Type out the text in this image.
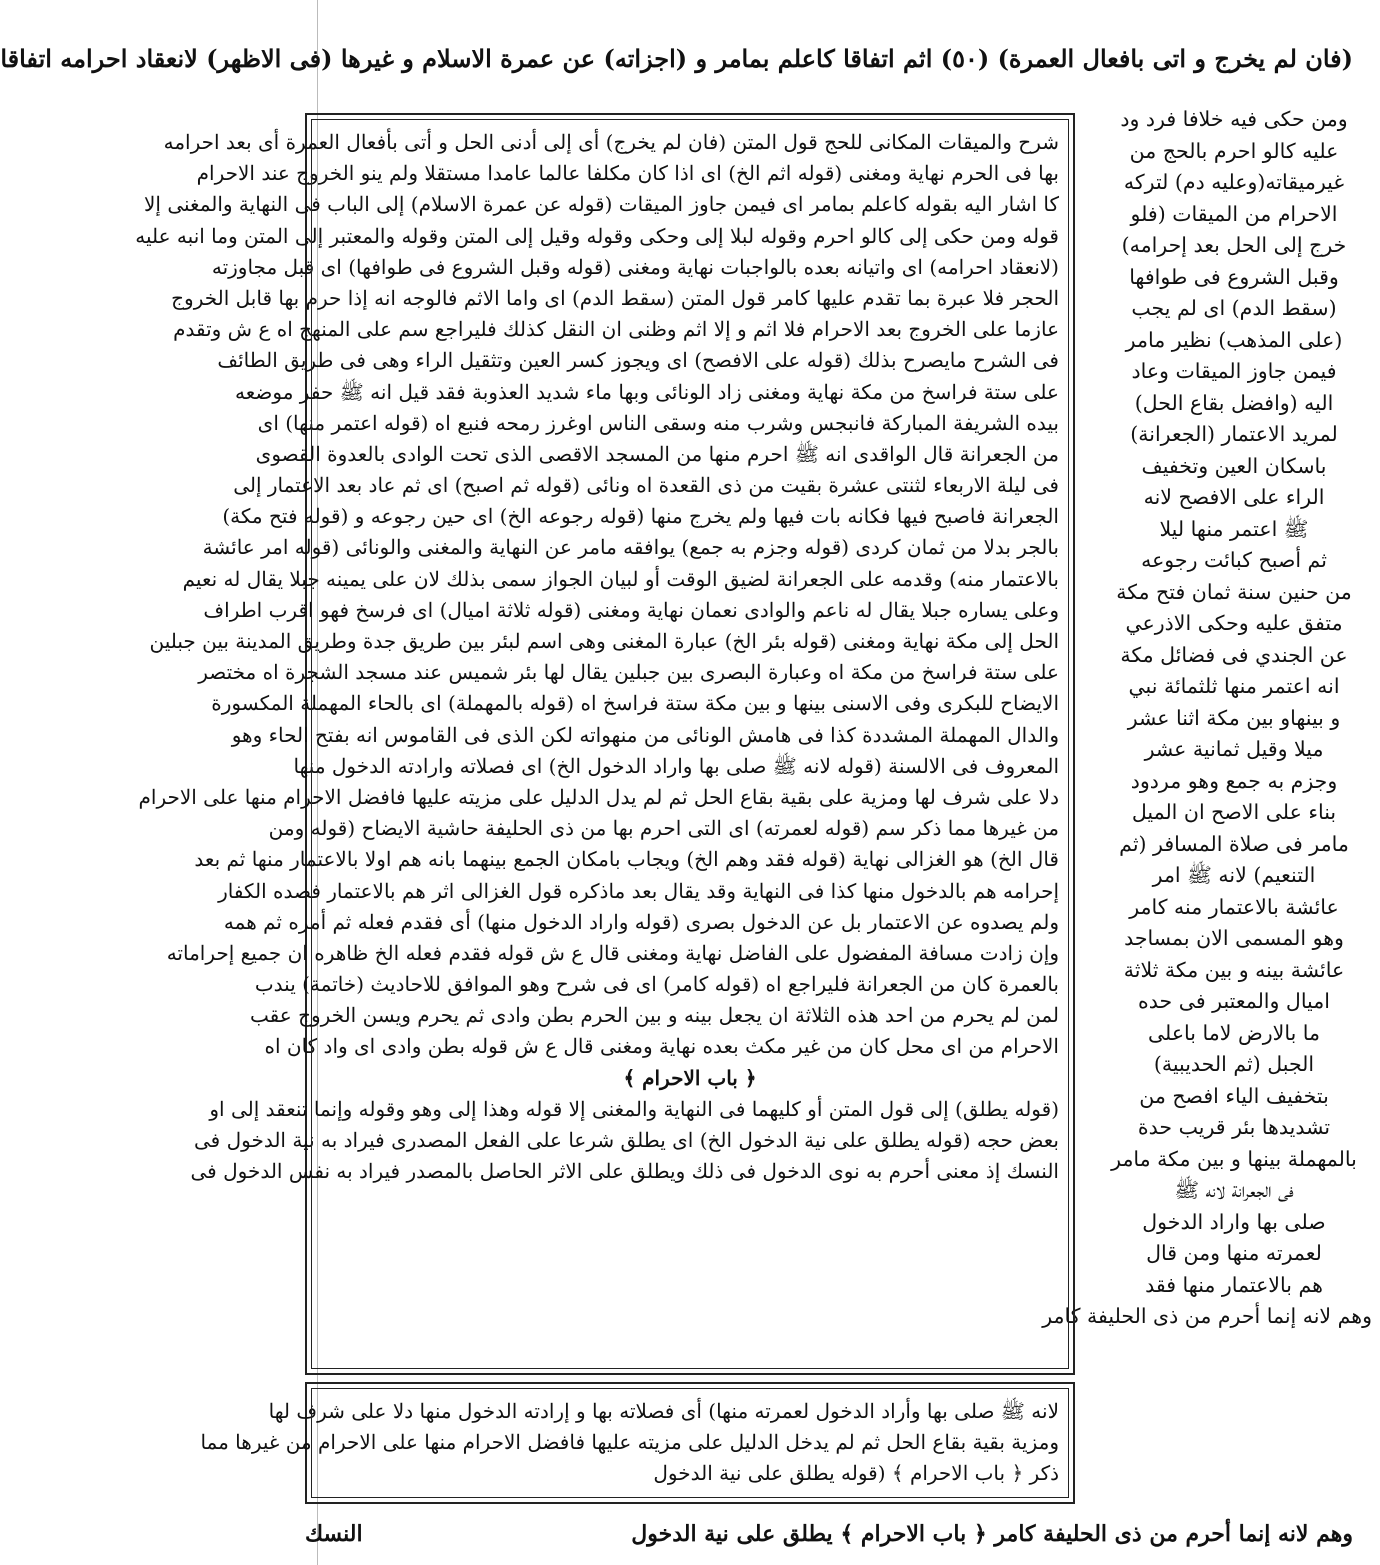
(فان لم يخرج و اتى بافعال العمرة) (٥٠) اثم اتفاقا كاعلم بمامر و (اجزاته) عن عمرة الاسلام و غيرها (فى الاظهر) لانعقاد احرامه اتفاقا
ومن حكى فيه خلافا فرد ود
عليه كالو احرم بالحج من
غيرميقاته(وعليه دم) لتركه
الاحرام من الميقات (فلو
خرج إلى الحل بعد إحرامه)
وقبل الشروع فى طوافها
(سقط الدم) اى لم يجب
(على المذهب) نظير مامر
فيمن جاوز الميقات وعاد
اليه (وافضل بقاع الحل)
لمريد الاعتمار (الجعرانة)
باسكان العين وتخفيف
الراء على الافصح لانه
ﷺ اعتمر منها ليلا
ثم أصبح كبائت رجوعه
من حنين سنة ثمان فتح مكة
متفق عليه وحكى الاذرعي
عن الجندي فى فضائل مكة
انه اعتمر منها ثلثمائة نبي
و بينهاو بين مكة اثنا عشر
ميلا وقيل ثمانية عشر
وجزم به جمع وهو مردود
بناء على الاصح ان الميل
مامر فى صلاة المسافر (ثم
التنعيم) لانه ﷺ امر
عائشة بالاعتمار منه كامر
وهو المسمى الان بمساجد
عائشة بينه و بين مكة ثلاثة
اميال والمعتبر فى حده
ما بالارض لاما باعلى
الجبل (ثم الحديبية)
بتخفيف الياء افصح من
تشديدها بئر قريب حدة
بالمهملة بينها و بين مكة مامر
فى الجعرانة لانه ﷺ
صلى بها واراد الدخول
لعمرته منها ومن قال
هم بالاعتمار منها فقد
وهم لانه إنما أحرم من ذى الحليفة كامر
شرح والميقات المكانى للحج قول المتن (فان لم يخرج) أى إلى أدنى الحل و أتى بأفعال العمرة أى بعد احرامه
بها فى الحرم نهاية ومغنى (قوله اثم الخ) اى اذا كان مكلفا عالما عامدا مستقلا ولم ينو الخروج عند الاحرام
كا اشار اليه بقوله كاعلم بمامر اى فيمن جاوز الميقات (قوله عن عمرة الاسلام) إلى الباب فى النهاية والمغنى إلا
قوله ومن حكى إلى كالو احرم وقوله لبلا إلى وحكى وقوله وقيل إلى المتن وقوله والمعتبر إلى المتن وما انبه عليه
(لانعقاد احرامه) اى واتيانه بعده بالواجبات نهاية ومغنى (قوله وقبل الشروع فى طوافها) اى قبل مجاوزته
الحجر فلا عبرة بما تقدم عليها كامر قول المتن (سقط الدم) اى واما الاثم فالوجه انه إذا حرم بها قابل الخروج
عازما على الخروج بعد الاحرام فلا اثم و إلا اثم وظنى ان النقل كذلك فليراجع سم على المنهج اه ع ش وتقدم
فى الشرح مايصرح بذلك (قوله على الافصح) اى ويجوز كسر العين وتثقيل الراء وهى فى طريق الطائف
على ستة فراسخ من مكة نهاية ومغنى زاد الونائى وبها ماء شديد العذوبة فقد قيل انه ﷺ حفر موضعه
بيده الشريفة المباركة فانبجس وشرب منه وسقى الناس اوغرز رمحه فنبع اه (قوله اعتمر منها) اى
من الجعرانة قال الواقدى انه ﷺ احرم منها من المسجد الاقصى الذى تحت الوادى بالعدوة القصوى
فى ليلة الاربعاء لثنتى عشرة بقيت من ذى القعدة اه ونائى (قوله ثم اصبح) اى ثم عاد بعد الاعتمار إلى
الجعرانة فاصبح فيها فكانه بات فيها ولم يخرج منها (قوله رجوعه الخ) اى حين رجوعه و (قوله فتح مكة)
بالجر بدلا من ثمان كردى (قوله وجزم به جمع) يوافقه مامر عن النهاية والمغنى والونائى (قوله امر عائشة
بالاعتمار منه) وقدمه على الجعرانة لضيق الوقت أو لبيان الجواز سمى بذلك لان على يمينه جبلا يقال له نعيم
وعلى يساره جبلا يقال له ناعم والوادى نعمان نهاية ومغنى (قوله ثلاثة اميال) اى فرسخ فهو اقرب اطراف
الحل إلى مكة نهاية ومغنى (قوله بئر الخ) عبارة المغنى وهى اسم لبئر بين طريق جدة وطريق المدينة بين جبلين
على ستة فراسخ من مكة اه وعبارة البصرى بين جبلين يقال لها بئر شميس عند مسجد الشجرة اه مختصر
الايضاح للبكرى وفى الاسنى بينها و بين مكة ستة فراسخ اه (قوله بالمهملة) اى بالحاء المهملة المكسورة
والدال المهملة المشددة كذا فى هامش الونائى من منهواته لكن الذى فى القاموس انه بفتح الحاء وهو
المعروف فى الالسنة (قوله لانه ﷺ صلى بها واراد الدخول الخ) اى فصلاته وارادته الدخول منها
دلا على شرف لها ومزية على بقية بقاع الحل ثم لم يدل الدليل على مزيته عليها فافضل الاحرام منها على الاحرام
من غيرها مما ذكر سم (قوله لعمرته) اى التى احرم بها من ذى الحليفة حاشية الايضاح (قوله ومن
قال الخ) هو الغزالى نهاية (قوله فقد وهم الخ) ويجاب بامكان الجمع بينهما بانه هم اولا بالاعتمار منها ثم بعد
إحرامه هم بالدخول منها كذا فى النهاية وقد يقال بعد ماذكره قول الغزالى اثر هم بالاعتمار فصده الكفار
ولم يصدوه عن الاعتمار بل عن الدخول بصرى (قوله واراد الدخول منها) أى فقدم فعله ثم أمره ثم همه
وإن زادت مسافة المفضول على الفاضل نهاية ومغنى قال ع ش قوله فقدم فعله الخ ظاهره ان جميع إحراماته
بالعمرة كان من الجعرانة فليراجع اه (قوله كامر) اى فى شرح وهو الموافق للاحاديث (خاتمة) يندب
لمن لم يحرم من احد هذه الثلاثة ان يجعل بينه و بين الحرم بطن وادى ثم يحرم ويسن الخروج عقب
الاحرام من اى محل كان من غير مكث بعده نهاية ومغنى قال ع ش قوله بطن وادى اى واد كان اه
﴿ باب الاحرام ﴾
(قوله يطلق) إلى قول المتن أو كليهما فى النهاية والمغنى إلا قوله وهذا إلى وهو وقوله وإنما تنعقد إلى او
بعض حجه (قوله يطلق على نية الدخول الخ) اى يطلق شرعا على الفعل المصدرى فيراد به نية الدخول فى
النسك إذ معنى أحرم به نوى الدخول فى ذلك ويطلق على الاثر الحاصل بالمصدر فيراد به نفس الدخول فى
لانه ﷺ صلى بها وأراد الدخول لعمرته منها) أى فصلاته بها و إرادته الدخول منها دلا على شرف لها
ومزية بقية بقاع الحل ثم لم يدخل الدليل على مزيته عليها فافضل الاحرام منها على الاحرام من غيرها مما
ذكر ﴿ باب الاحرام ﴾ (قوله يطلق على نية الدخول
وهم لانه إنما أحرم من ذى الحليفة كامر ﴿ باب الاحرام ﴾ يطلق على نية الدخول
النسك
